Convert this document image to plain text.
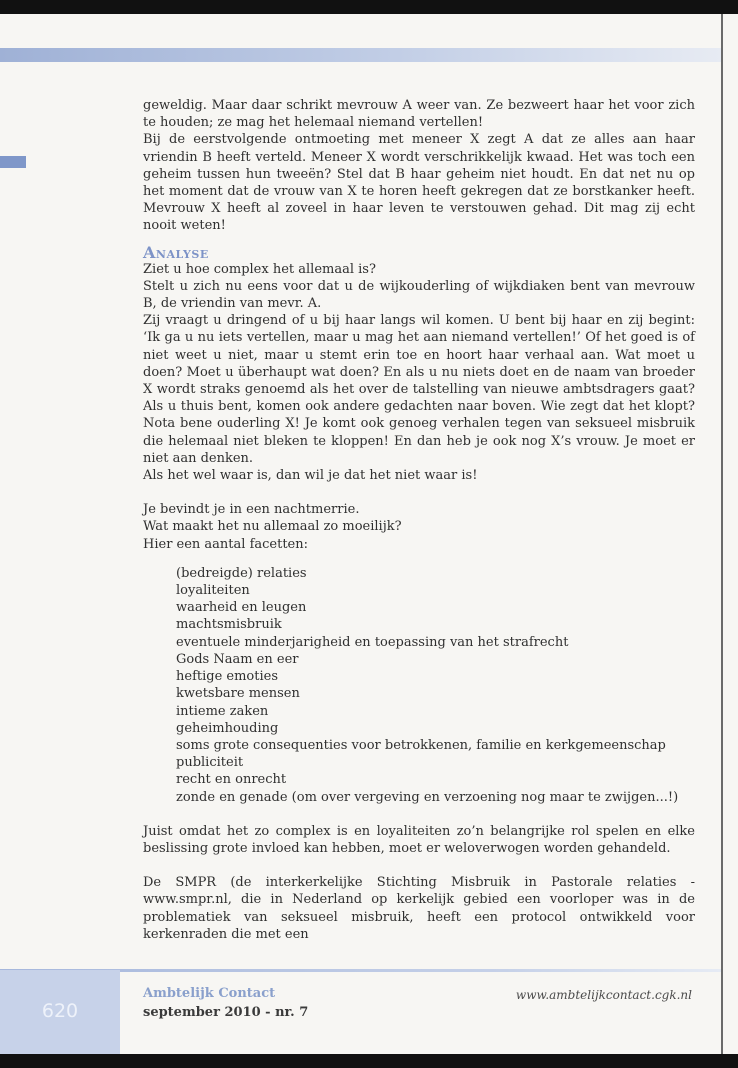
geweldig. Maar daar schrikt mevrouw A weer van. Ze bezweert haar het voor zich te houden; ze mag het helemaal niemand vertellen!

Bij de eerstvolgende ontmoeting met meneer X zegt A dat ze alles aan haar vriendin B heeft verteld. Meneer X wordt verschrikkelijk kwaad. Het was toch een geheim tussen hun tweeën? Stel dat B haar geheim niet houdt. En dat net nu op het moment dat de vrouw van X te horen heeft gekregen dat ze borstkanker heeft. Mevrouw X heeft al zoveel in haar leven te verstouwen gehad. Dit mag zij echt nooit weten!

Analyse

Ziet u hoe complex het allemaal is?

Stelt u zich nu eens voor dat u de wijkouderling of wijkdiaken bent van mevrouw B, de vriendin van mevr. A.

Zij vraagt u dringend of u bij haar langs wil komen. U bent bij haar en zij begint: ‘Ik ga u nu iets vertellen, maar u mag het aan niemand vertellen!’ Of het goed is of niet weet u niet, maar u stemt erin toe en hoort haar verhaal aan. Wat moet u doen? Moet u überhaupt wat doen? En als u nu niets doet en de naam van broeder X wordt straks genoemd als het over de talstelling van nieuwe ambtsdragers gaat? Als u thuis bent, komen ook andere gedachten naar boven. Wie zegt dat het klopt? Nota bene ouderling X! Je komt ook genoeg verhalen tegen van seksueel misbruik die helemaal niet bleken te kloppen! En dan heb je ook nog X’s vrouw. Je moet er niet aan denken.

Als het wel waar is, dan wil je dat het niet waar is!

Je bevindt je in een nachtmerrie.

Wat maakt het nu allemaal zo moeilijk?

Hier een aantal facetten:

(bedreigde) relaties
loyaliteiten
waarheid en leugen
machtsmisbruik
eventuele minderjarigheid en toepassing van het strafrecht
Gods Naam en eer
heftige emoties
kwetsbare mensen
intieme zaken
geheimhouding
soms grote consequenties voor betrokkenen, familie en kerkgemeenschap
publiciteit
recht en onrecht
zonde en genade (om over vergeving en verzoening nog maar te zwijgen...!)

Juist omdat het zo complex is en loyaliteiten zo’n belangrijke rol spelen en elke beslissing grote invloed kan hebben, moet er weloverwogen worden gehandeld.

De SMPR (de interkerkelijke Stichting Misbruik in Pastorale relaties - www.smpr.nl, die in Nederland op kerkelijk gebied een voorloper was in de problematiek van seksueel misbruik, heeft een protocol ontwikkeld voor kerkenraden die met een

620
Ambtelijk Contact
september 2010 - nr. 7
www.ambtelijkcontact.cgk.nl
